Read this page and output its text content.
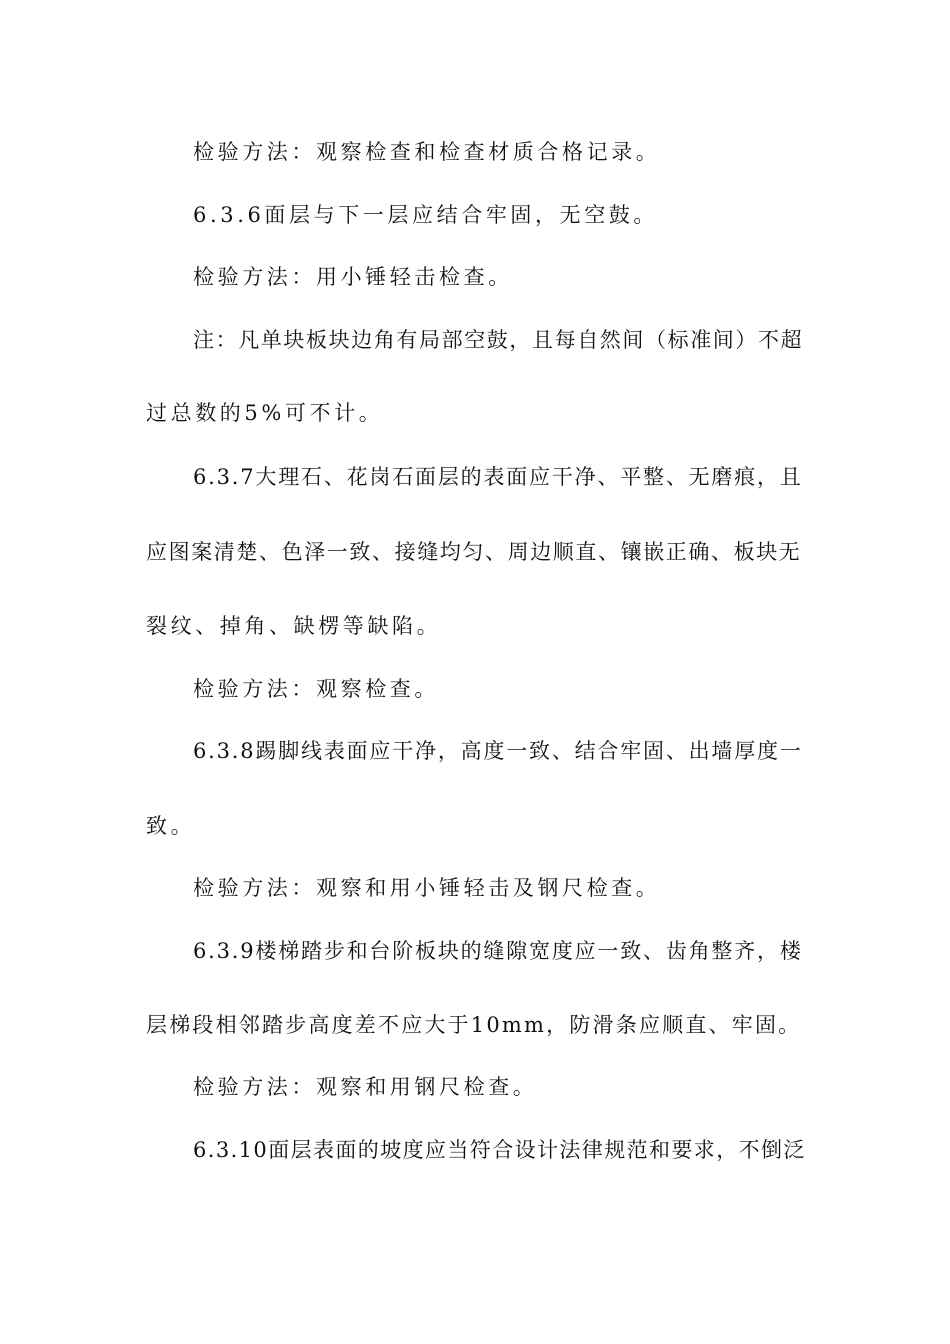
检验方法：观察检查和检查材质合格记录。
6.3.6面层与下一层应结合牢固，无空鼓。
检验方法：用小锤轻击检查。
注：凡单块板块边角有局部空鼓，且每自然间（标准间）不超
过总数的5%可不计。
6.3.7大理石、花岗石面层的表面应干净、平整、无磨痕，且
应图案清楚、色泽一致、接缝均匀、周边顺直、镶嵌正确、板块无
裂纹、掉角、缺楞等缺陷。
检验方法：观察检查。
6.3.8踢脚线表面应干净，高度一致、结合牢固、出墙厚度一
致。
检验方法：观察和用小锤轻击及钢尺检查。
6.3.9楼梯踏步和台阶板块的缝隙宽度应一致、齿角整齐，楼
层梯段相邻踏步高度差不应大于10mm，防滑条应顺直、牢固。
检验方法：观察和用钢尺检查。
6.3.10面层表面的坡度应当符合设计法律规范和要求，不倒泛
